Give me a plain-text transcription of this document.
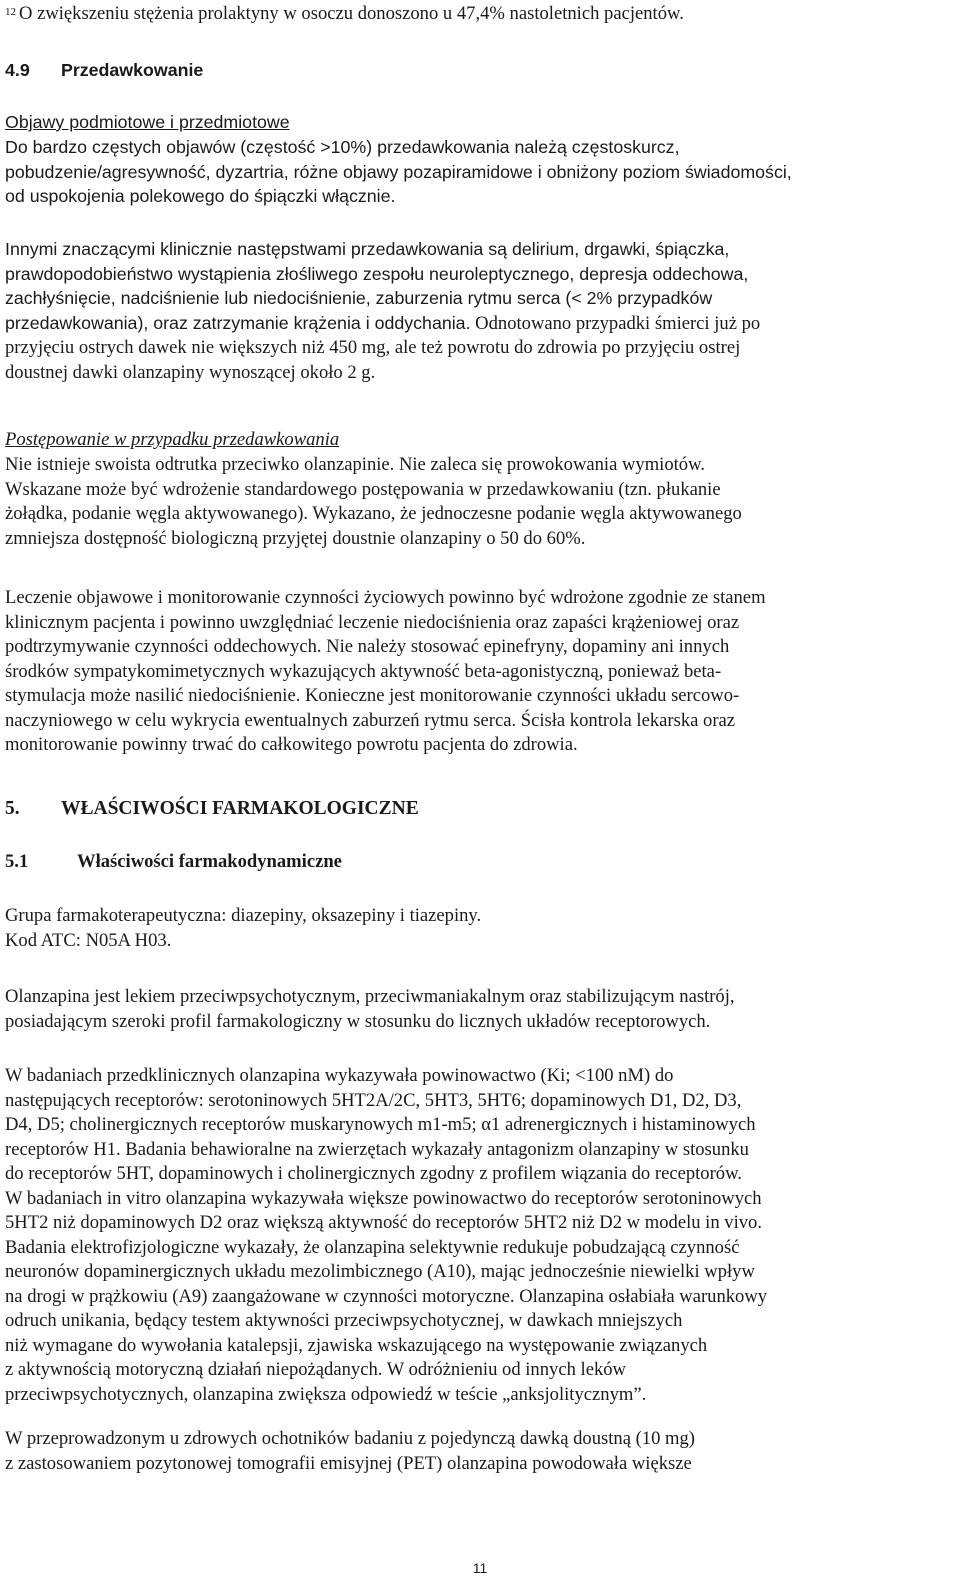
$^{12}$ O zwiększeniu stężenia prolaktyny w osoczu donoszono u 47,4% nastoletnich pacjentów.

4.9 Przedawkowanie
Objawy podmiotowe i przedmiotowe

Do bardzo częstych objawów (częstość >10%) przedawkowania należą częstoskurcz,
pobudzenie/agresywność, dyzartria, różne objawy pozapiramidowe i obniżony poziom świadomości,
od uspokojenia polekowego do śpiączki włącznie.

Innymi znaczącymi klinicznie następstwami przedawkowania są delirium, drgawki, śpiączka,
prawdopodobieństwo wystąpienia złośliwego zespołu neuroleptycznego, depresja oddechowa,
zachłyśnięcie, nadciśnienie lub niedociśnienie, zaburzenia rytmu serca (< 2% przypadków
przedawkowania), oraz zatrzymanie krążenia i oddychania. Odnotowano przypadki śmierci już po
przyjęciu ostrych dawek nie większych niż 450 mg, ale też powrotu do zdrowia po przyjęciu ostrej
doustnej dawki olanzapiny wynoszącej około 2 g.

Postępowanie w przypadku przedawkowania

Nie istnieje swoista odtrutka przeciwko olanzapinie. Nie zaleca się prowokowania wymiotów.
Wskazane może być wdrożenie standardowego postępowania w przedawkowaniu (tzn. płukanie
żołądka, podanie węgla aktywowanego). Wykazano, że jednoczesne podanie węgla aktywowanego
zmniejsza dostępność biologiczną przyjętej doustnie olanzapiny o 50 do 60%.

Leczenie objawowe i monitorowanie czynności życiowych powinno być wdrożone zgodnie ze stanem
klinicznym pacjenta i powinno uwzględniać leczenie niedociśnienia oraz zapaści krążeniowej oraz
podtrzymywanie czynności oddechowych. Nie należy stosować epinefryny, dopaminy ani innych
środków sympatykomimetycznych wykazujących aktywność beta-agonistyczną, ponieważ beta-
stymulacja może nasilić niedociśnienie. Konieczne jest monitorowanie czynności układu sercowo-
naczyniowego w celu wykrycia ewentualnych zaburzeń rytmu serca. Ścisła kontrola lekarska oraz
monitorowanie powinny trwać do całkowitego powrotu pacjenta do zdrowia.

5. WŁAŚCIWOŚCI FARMAKOLOGICZNE
5.1	Właściwości farmakodynamiczne

Grupa farmakoterapeutyczna: diazepiny, oksazepiny i tiazepiny.
Kod ATC: N05A H03.

Olanzapina jest lekiem przeciwpsychotycznym, przeciwmaniakalnym oraz stabilizującym nastrój,
posiadającym szeroki profil farmakologiczny w stosunku do licznych układów receptorowych.

W badaniach przedklinicznych olanzapina wykazywała powinowactwo (Ki; <100 nM) do
następujących receptorów: serotoninowych 5HT2A/2C, 5HT3, 5HT6; dopaminowych D1, D2, D3,
D4, D5; cholinergicznych receptorów muskarynowych m1-m5; α1 adrenergicznych i histaminowych
receptorów H1. Badania behawioralne na zwierzętach wykazały antagonizm olanzapiny w stosunku
do receptorów 5HT, dopaminowych i cholinergicznych zgodny z profilem wiązania do receptorów.
W badaniach in vitro olanzapina wykazywała większe powinowactwo do receptorów serotoninowych
5HT2 niż dopaminowych D2 oraz większą aktywność do receptorów 5HT2 niż D2 w modelu in vivo.
Badania elektrofizjologiczne wykazały, że olanzapina selektywnie redukuje pobudzającą czynność
neuronów dopaminergicznych układu mezolimbicznego (A10), mając jednocześnie niewielki wpływ
na drogi w prążkowiu (A9) zaangażowane w czynności motoryczne. Olanzapina osłabiała warunkowy
odruch unikania, będący testem aktywności przeciwpsychotycznej, w dawkach mniejszych
niż wymagane do wywołania katalepsji, zjawiska wskazującego na występowanie związanych
z aktywnością motoryczną działań niepożądanych. W odróżnieniu od innych leków
przeciwpsychotycznych, olanzapina zwiększa odpowiedź w teście „anksjolitycznym”.

W przeprowadzonym u zdrowych ochotników badaniu z pojedynczą dawką doustną (10 mg)
z zastosowaniem pozytonowej tomografii emisyjnej (PET) olanzapina powodowała większe

11
